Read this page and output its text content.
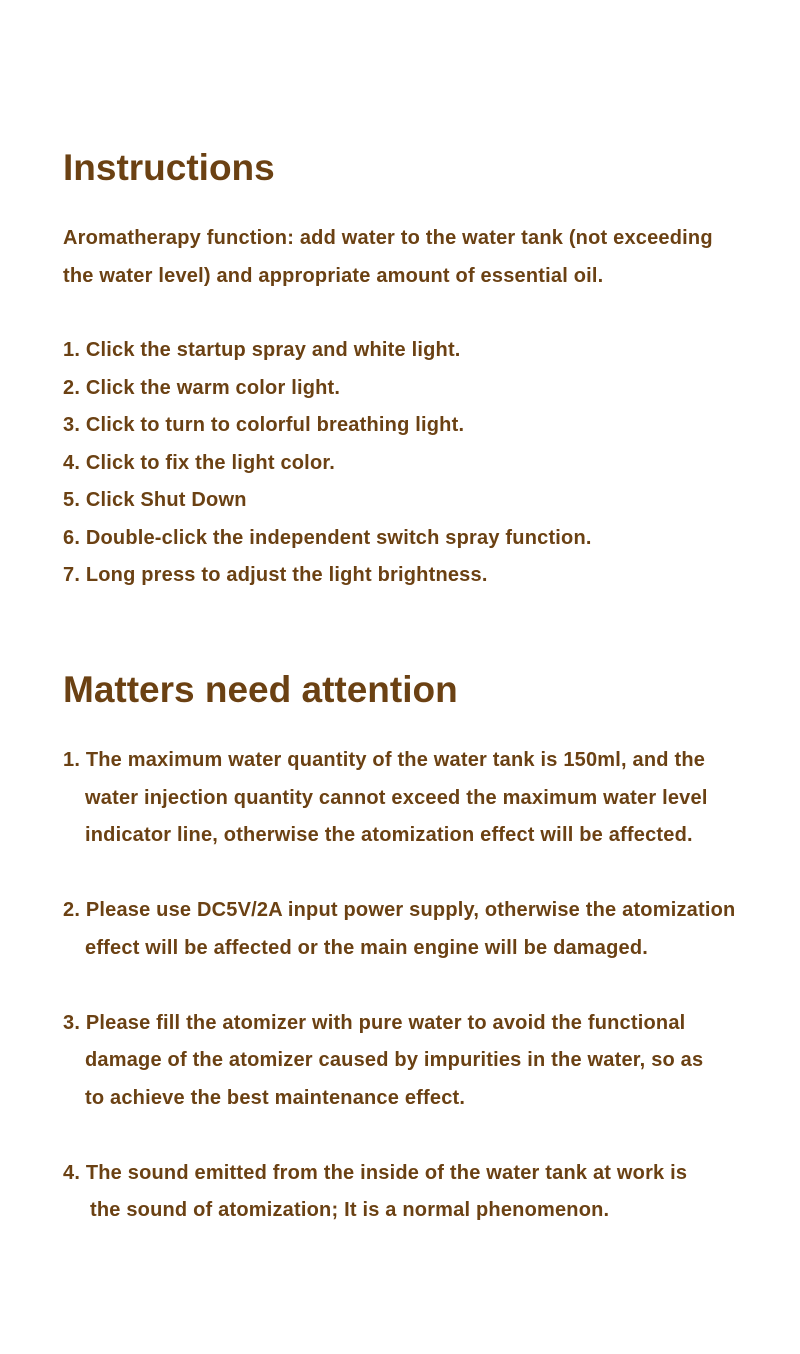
Instructions

Aromatherapy function: add water to the water tank (not exceeding
the water level) and appropriate amount of essential oil.

1. Click the startup spray and white light.
2. Click the warm color light.
3. Click to turn to colorful breathing light.
4. Click to fix the light color.
5. Click Shut Down
6. Double-click the independent switch spray function.
7. Long press to adjust the light brightness.
Matters need attention
1. The maximum water quantity of the water tank is 150ml, and the
water injection quantity cannot exceed the maximum water level
indicator line, otherwise the atomization effect will be affected.
2. Please use DC5V/2A input power supply, otherwise the atomization
effect will be affected or the main engine will be damaged.
3. Please fill the atomizer with pure water to avoid the functional
damage of the atomizer caused by impurities in the water, so as
to achieve the best maintenance effect.
4. The sound emitted from the inside of the water tank at work is
the sound of atomization; It is a normal phenomenon.
